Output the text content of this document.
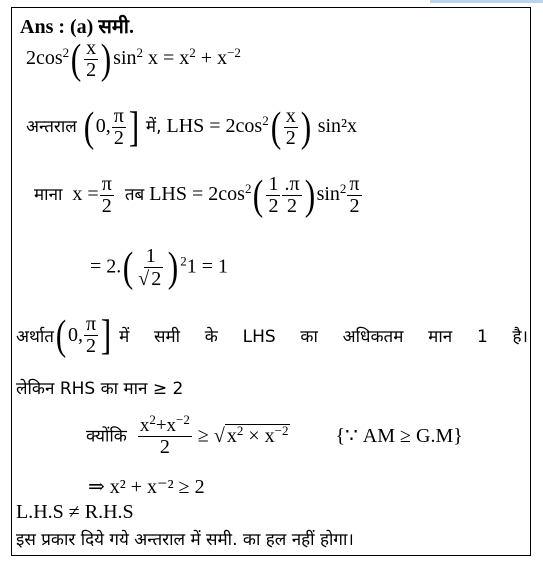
Ans : (a) समी.
$2\cos^2( \frac{x}{2} )\sin^2$ $x = x^2 + x^{-2}$
अन्तराल (0, $\frac{\pi}{2}$ ] में, LHS = $2\cos^2( \frac{x}{2}$ ) sin²x
माना $x = \frac{\pi}{2}$ तब LHS = $2\cos^2( \frac{1}{2} \frac{.\pi}{2} )\sin^2 \frac{\pi}{2}$
= $2.( \frac{1}{√ 2}$ ) $^2$1 = 1
अर्थात ( 0, $\frac{\pi}{2}$ ] में समी के LHS का अधिकतम मान 1 है।
लेकिन RHS का मान ≥ 2
क्योंकि $\frac{x^2+x^{-2}}{2}$ ≥ √ $x^2 \times x^{-2}$ {∵ AM ≥ G.M}
⇒ x² + x⁻² ≥ 2
L.H.S ≠ R.H.S
इस प्रकार दिये गये अन्तराल में समी. का हल नहीं होगा।
